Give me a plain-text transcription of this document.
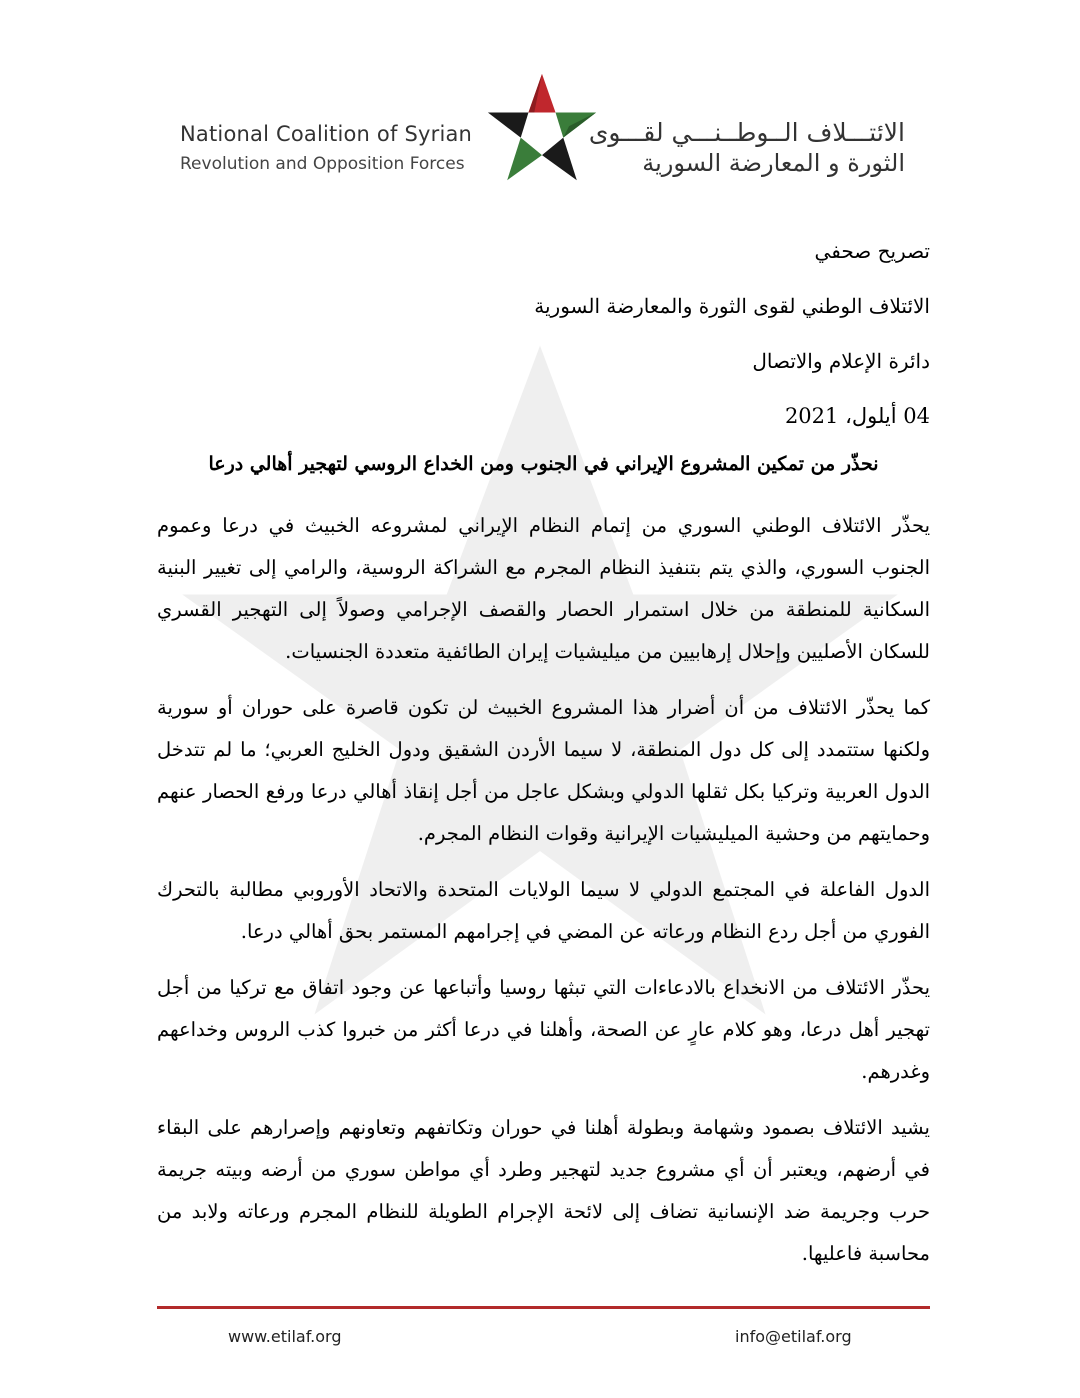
National Coalition of Syrian
Revolution and Opposition Forces
الائتـــلاف الــوطــنـــي لقـــوى
الثورة و المعارضة السورية

تصريح صحفي

الائتلاف الوطني لقوى الثورة والمعارضة السورية

دائرة الإعلام والاتصال

04 أيلول، 2021

نحذّر من تمكين المشروع الإيراني في الجنوب ومن الخداع الروسي لتهجير أهالي درعا

يحذّر الائتلاف الوطني السوري من إتمام النظام الإيراني لمشروعه الخبيث في درعا وعموم الجنوب السوري، والذي يتم بتنفيذ النظام المجرم مع الشراكة الروسية، والرامي إلى تغيير البنية السكانية للمنطقة من خلال استمرار الحصار والقصف الإجرامي وصولاً إلى التهجير القسري للسكان الأصليين وإحلال إرهابيين من ميليشيات إيران الطائفية متعددة الجنسيات.

كما يحذّر الائتلاف من أن أضرار هذا المشروع الخبيث لن تكون قاصرة على حوران أو سورية ولكنها ستتمدد إلى كل دول المنطقة، لا سيما الأردن الشقيق ودول الخليج العربي؛ ما لم تتدخل الدول العربية وتركيا بكل ثقلها الدولي وبشكل عاجل من أجل إنقاذ أهالي درعا ورفع الحصار عنهم وحمايتهم من وحشية الميليشيات الإيرانية وقوات النظام المجرم.

الدول الفاعلة في المجتمع الدولي لا سيما الولايات المتحدة والاتحاد الأوروبي مطالبة بالتحرك الفوري من أجل ردع النظام ورعاته عن المضي في إجرامهم المستمر بحق أهالي درعا.

يحذّر الائتلاف من الانخداع بالادعاءات التي تبثها روسيا وأتباعها عن وجود اتفاق مع تركيا من أجل تهجير أهل درعا، وهو كلام عارٍ عن الصحة، وأهلنا في درعا أكثر من خبروا كذب الروس وخداعهم وغدرهم.

يشيد الائتلاف بصمود وشهامة وبطولة أهلنا في حوران وتكاتفهم وتعاونهم وإصرارهم على البقاء في أرضهم، ويعتبر أن أي مشروع جديد لتهجير وطرد أي مواطن سوري من أرضه وبيته جريمة حرب وجريمة ضد الإنسانية تضاف إلى لائحة الإجرام الطويلة للنظام المجرم ورعاته ولابد من محاسبة فاعليها.

www.etilaf.org	info@etilaf.org
